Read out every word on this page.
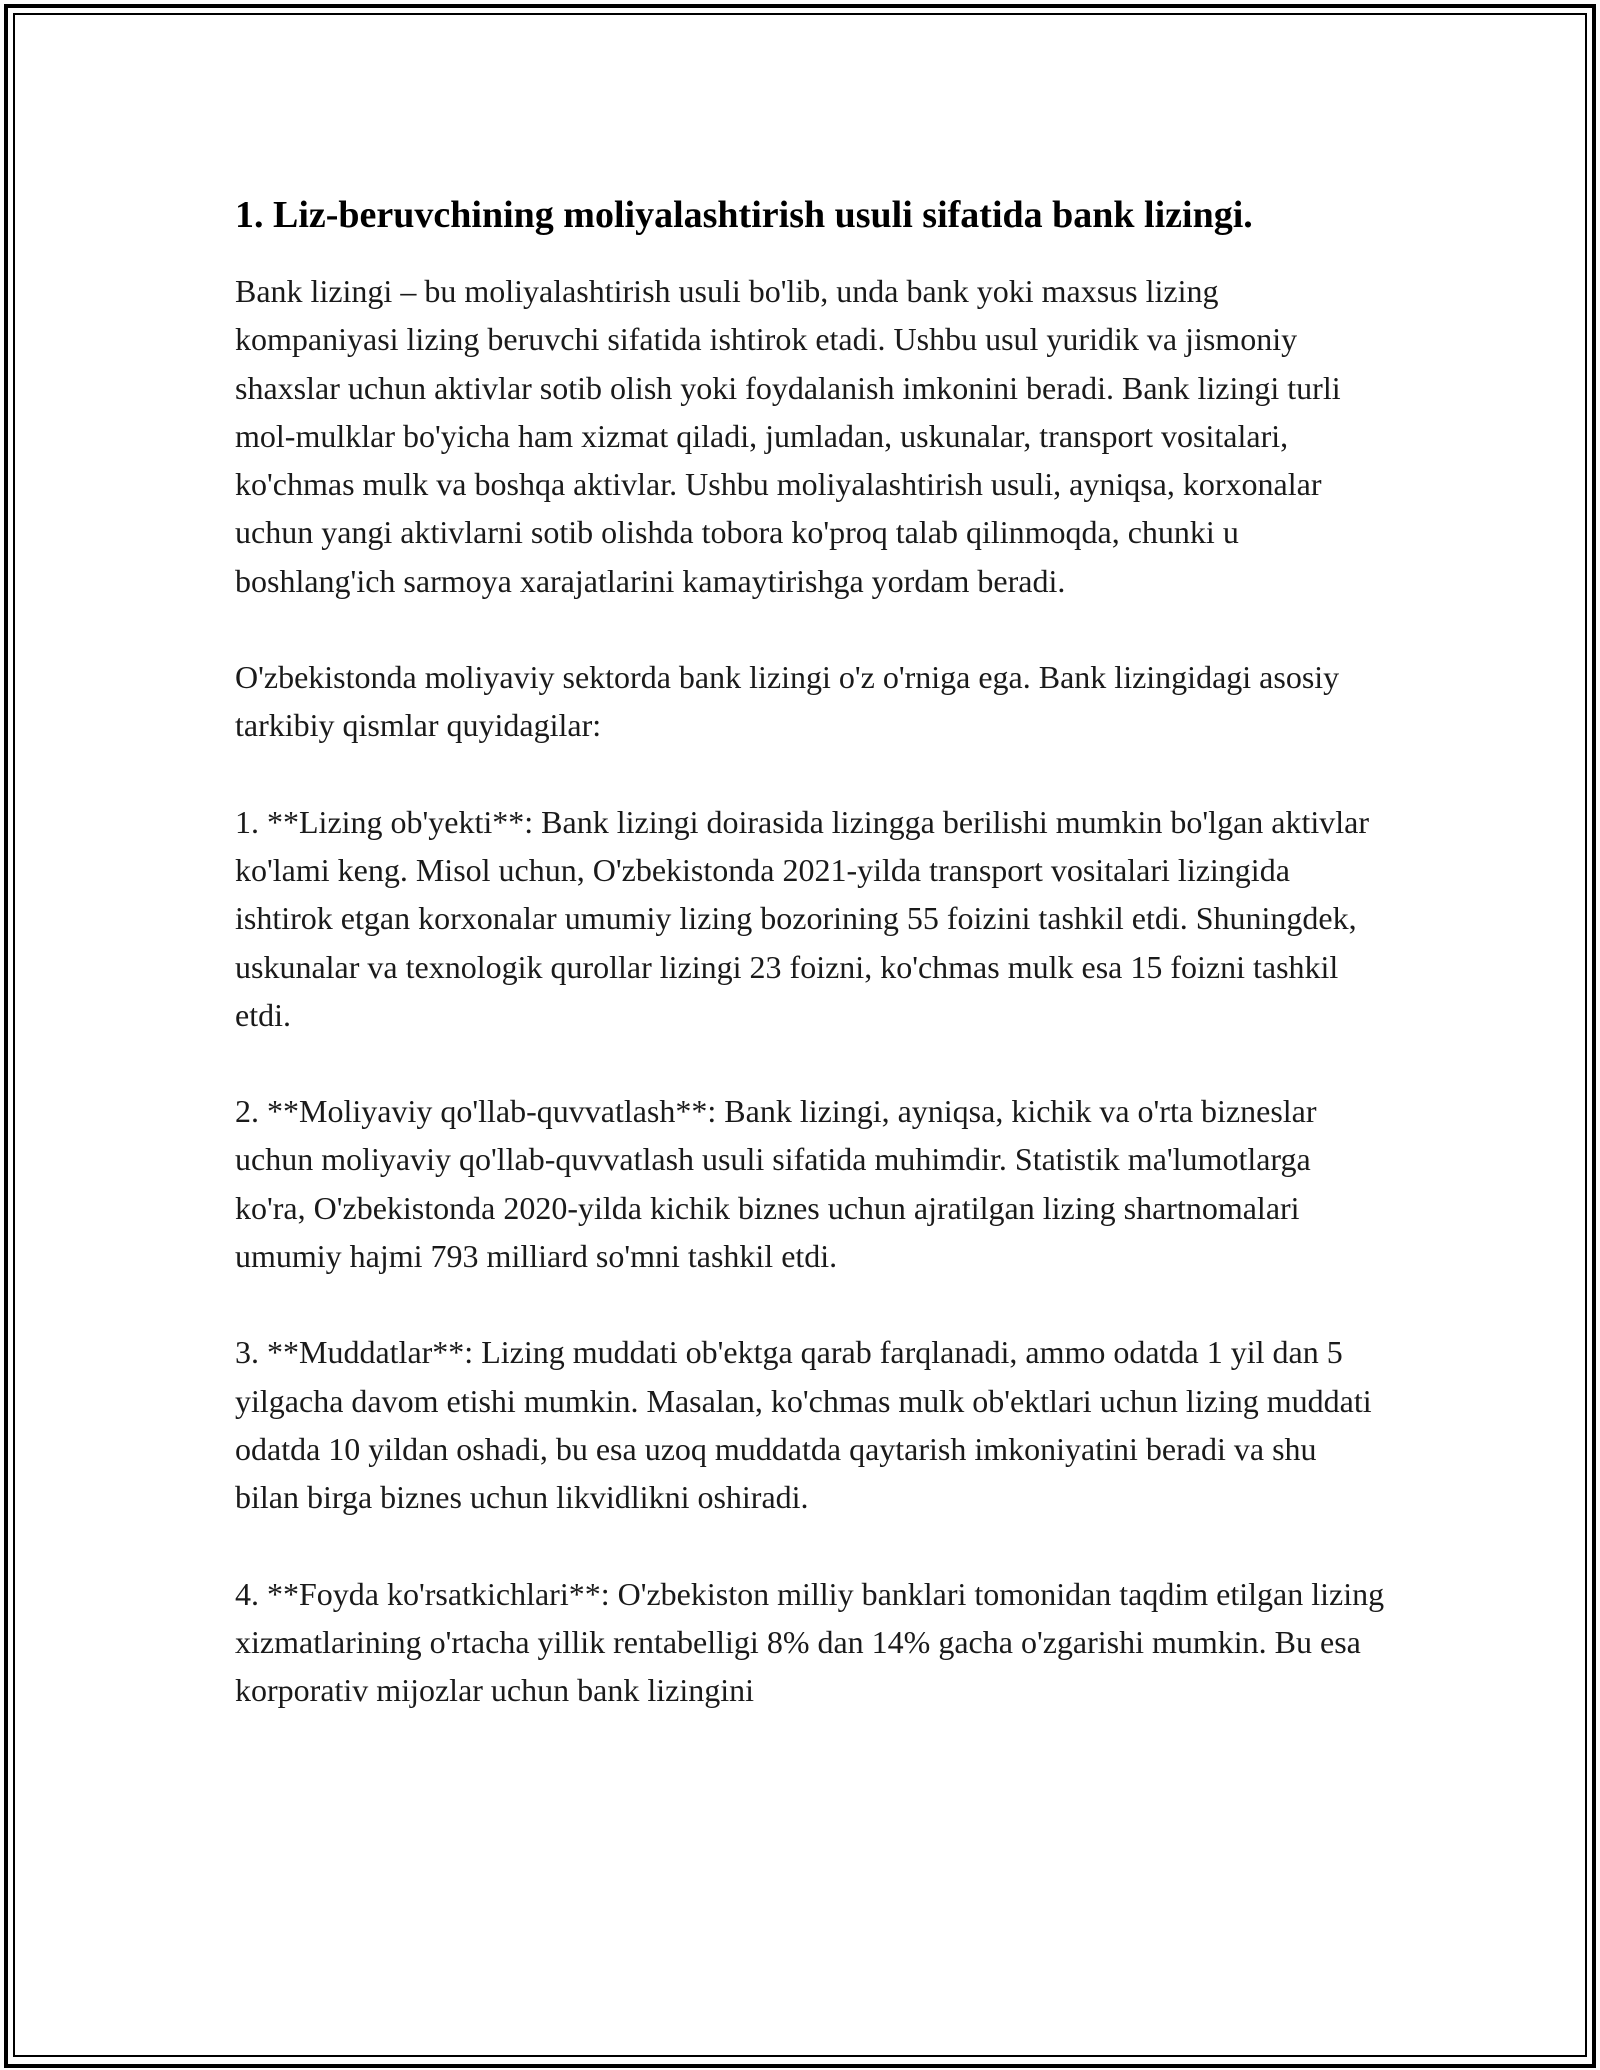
1. Liz-beruvchining moliyalashtirish usuli sifatida bank lizingi.

Bank lizingi – bu moliyalashtirish usuli bo'lib, unda bank yoki maxsus lizing kompaniyasi lizing beruvchi sifatida ishtirok etadi. Ushbu usul yuridik va jismoniy shaxslar uchun aktivlar sotib olish yoki foydalanish imkonini beradi. Bank lizingi turli mol-mulklar bo'yicha ham xizmat qiladi, jumladan, uskunalar, transport vositalari, ko'chmas mulk va boshqa aktivlar. Ushbu moliyalashtirish usuli, ayniqsa, korxonalar uchun yangi aktivlarni sotib olishda tobora ko'proq talab qilinmoqda, chunki u boshlang'ich sarmoya xarajatlarini kamaytirishga yordam beradi.

O'zbekistonda moliyaviy sektorda bank lizingi o'z o'rniga ega. Bank lizingidagi asosiy tarkibiy qismlar quyidagilar:

1. **Lizing ob'yekti**: Bank lizingi doirasida lizingga berilishi mumkin bo'lgan aktivlar ko'lami keng. Misol uchun, O'zbekistonda 2021-yilda transport vositalari lizingida ishtirok etgan korxonalar umumiy lizing bozorining 55 foizini tashkil etdi. Shuningdek, uskunalar va texnologik qurollar lizingi 23 foizni, ko'chmas mulk esa 15 foizni tashkil etdi.

2. **Moliyaviy qo'llab-quvvatlash**: Bank lizingi, ayniqsa, kichik va o'rta bizneslar uchun moliyaviy qo'llab-quvvatlash usuli sifatida muhimdir. Statistik ma'lumotlarga ko'ra, O'zbekistonda 2020-yilda kichik biznes uchun ajratilgan lizing shartnomalari umumiy hajmi 793 milliard so'mni tashkil etdi.

3. **Muddatlar**: Lizing muddati ob'ektga qarab farqlanadi, ammo odatda 1 yil dan 5 yilgacha davom etishi mumkin. Masalan, ko'chmas mulk ob'ektlari uchun lizing muddati odatda 10 yildan oshadi, bu esa uzoq muddatda qaytarish imkoniyatini beradi va shu bilan birga biznes uchun likvidlikni oshiradi.

4. **Foyda ko'rsatkichlari**: O'zbekiston milliy banklari tomonidan taqdim etilgan lizing xizmatlarining o'rtacha yillik rentabelligi 8% dan 14% gacha o'zgarishi mumkin. Bu esa korporativ mijozlar uchun bank lizingini
